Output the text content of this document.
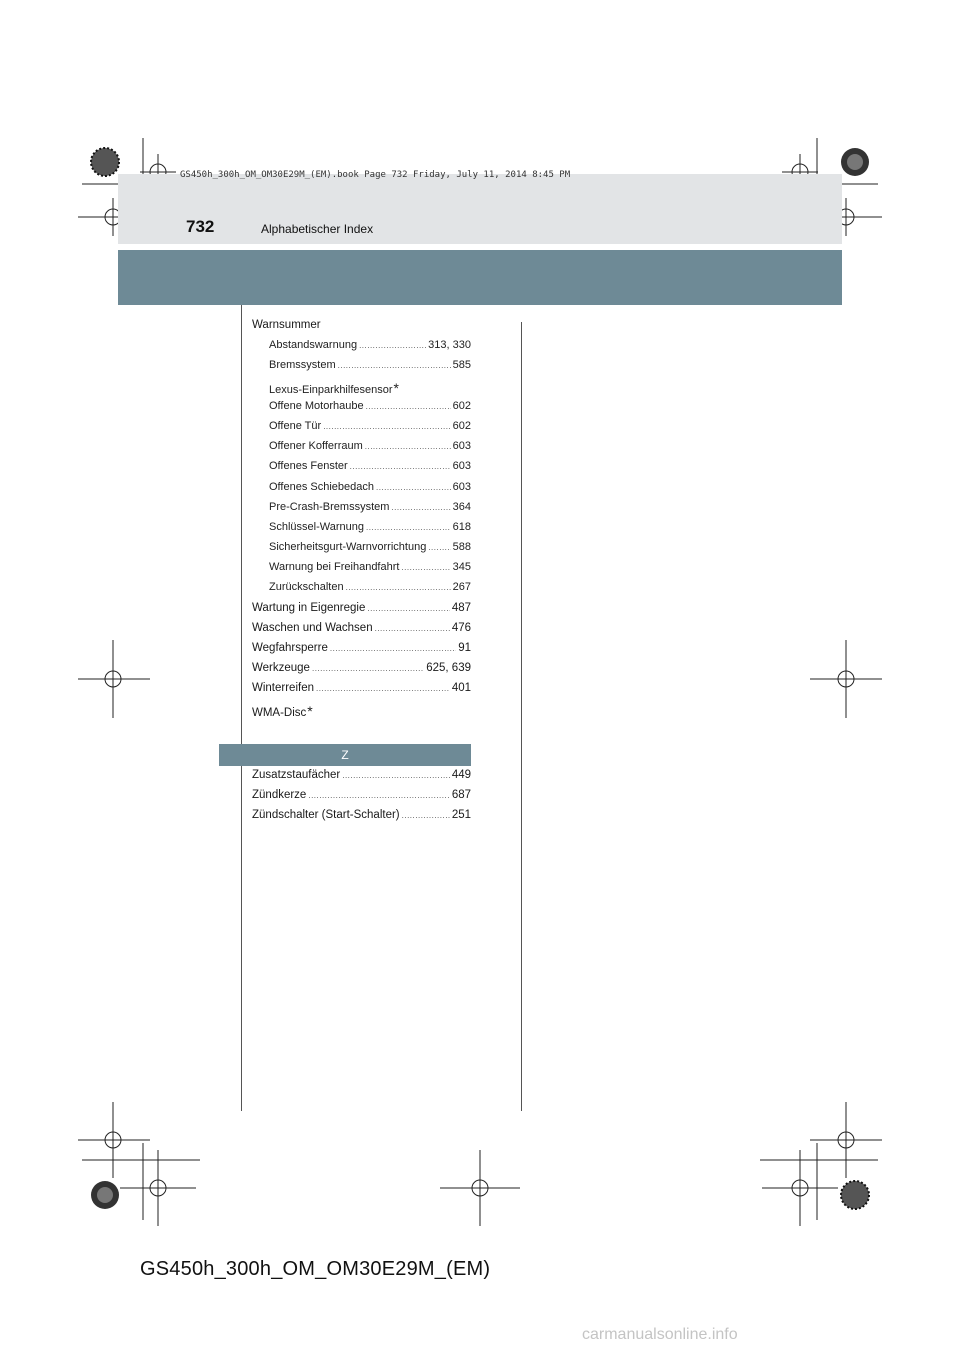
GS450h_300h_OM_OM30E29M_(EM).book Page 732 Friday, July 11, 2014 8:45 PM
732	Alphabetischer Index
Warnsummer
Abstandswarnung .....	313, 330
Bremssystem .....	585
Lexus-Einparkhilfesensor *
Offene Motorhaube .....	602
Offene Tür .....	602
Offener Kofferraum .....	603
Offenes Fenster .....	603
Offenes Schiebedach .....	603
Pre-Crash-Bremssystem .....	364
Schlüssel-Warnung .....	618
Sicherheitsgurt-Warnvorrichtung ..... 588
Warnung bei Freihandfahrt .....	345
Zurückschalten .....	267
Wartung in Eigenregie .....	487
Waschen und Wachsen .....	476
Wegfahrsperre .....	91
Werkzeuge .....	625, 639
Winterreifen .....	401
WMA-Disc *
Z
Zusatzstaufächer .....	449
Zündkerze .....	687
Zündschalter (Start-Schalter) .....	251
GS450h_300h_OM_OM30E29M_(EM)
carmanualsonline.info
